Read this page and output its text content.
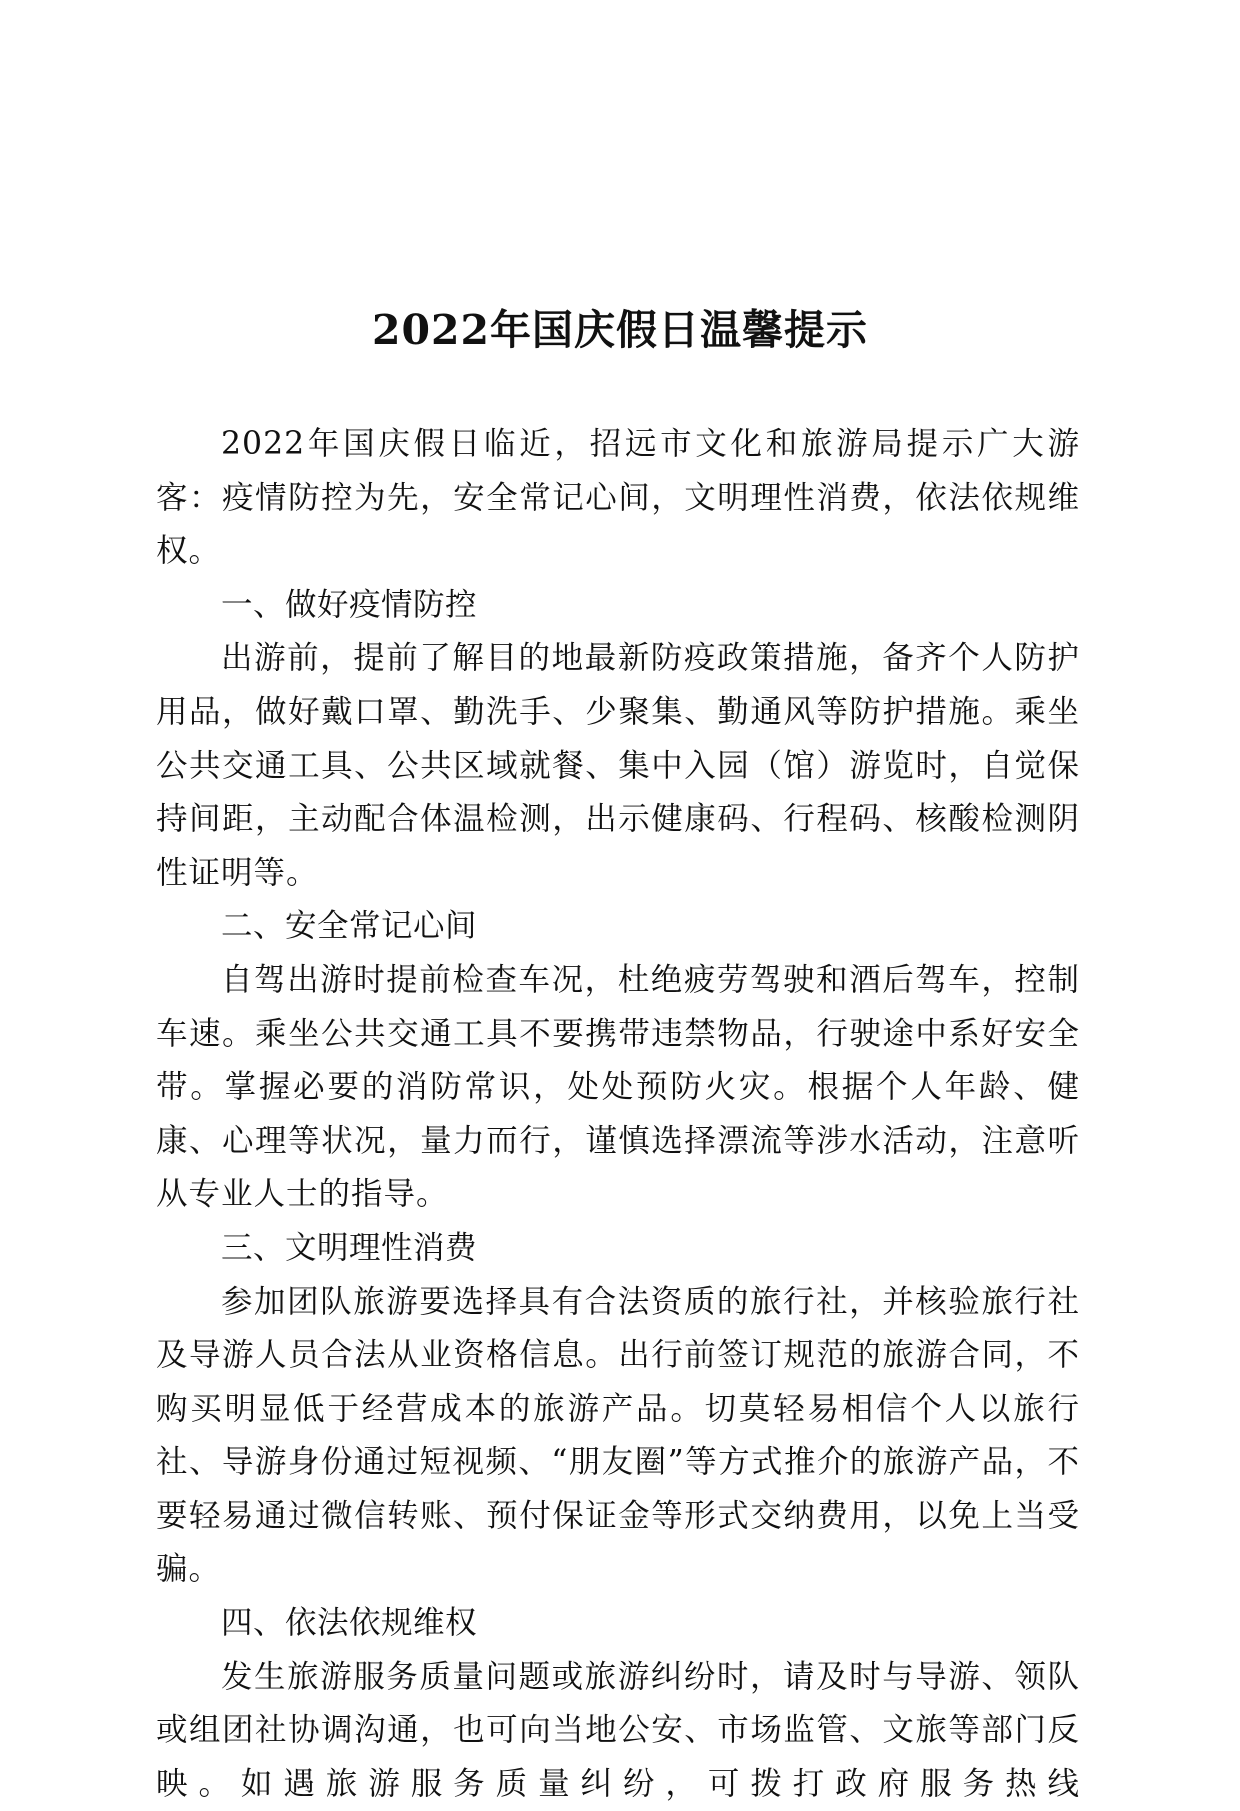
2022年国庆假日温馨提示

2022年国庆假日临近，招远市文化和旅游局提示广大游客：疫情防控为先，安全常记心间，文明理性消费，依法依规维权。

一、做好疫情防控

出游前，提前了解目的地最新防疫政策措施，备齐个人防护用品，做好戴口罩、勤洗手、少聚集、勤通风等防护措施。乘坐公共交通工具、公共区域就餐、集中入园（馆）游览时，自觉保持间距，主动配合体温检测，出示健康码、行程码、核酸检测阴性证明等。

二、安全常记心间

自驾出游时提前检查车况，杜绝疲劳驾驶和酒后驾车，控制车速。乘坐公共交通工具不要携带违禁物品，行驶途中系好安全带。掌握必要的消防常识，处处预防火灾。根据个人年龄、健康、心理等状况，量力而行，谨慎选择漂流等涉水活动，注意听从专业人士的指导。

三、文明理性消费

参加团队旅游要选择具有合法资质的旅行社，并核验旅行社及导游人员合法从业资格信息。出行前签订规范的旅游合同，不购买明显低于经营成本的旅游产品。切莫轻易相信个人以旅行社、导游身份通过短视频、“朋友圈”等方式推介的旅游产品，不要轻易通过微信转账、预付保证金等形式交纳费用，以免上当受骗。

四、依法依规维权

发生旅游服务质量问题或旅游纠纷时，请及时与导游、领队或组团社协调沟通，也可向当地公安、市场监管、文旅等部门反映。如遇旅游服务质量纠纷，可拨打政府服务热线
